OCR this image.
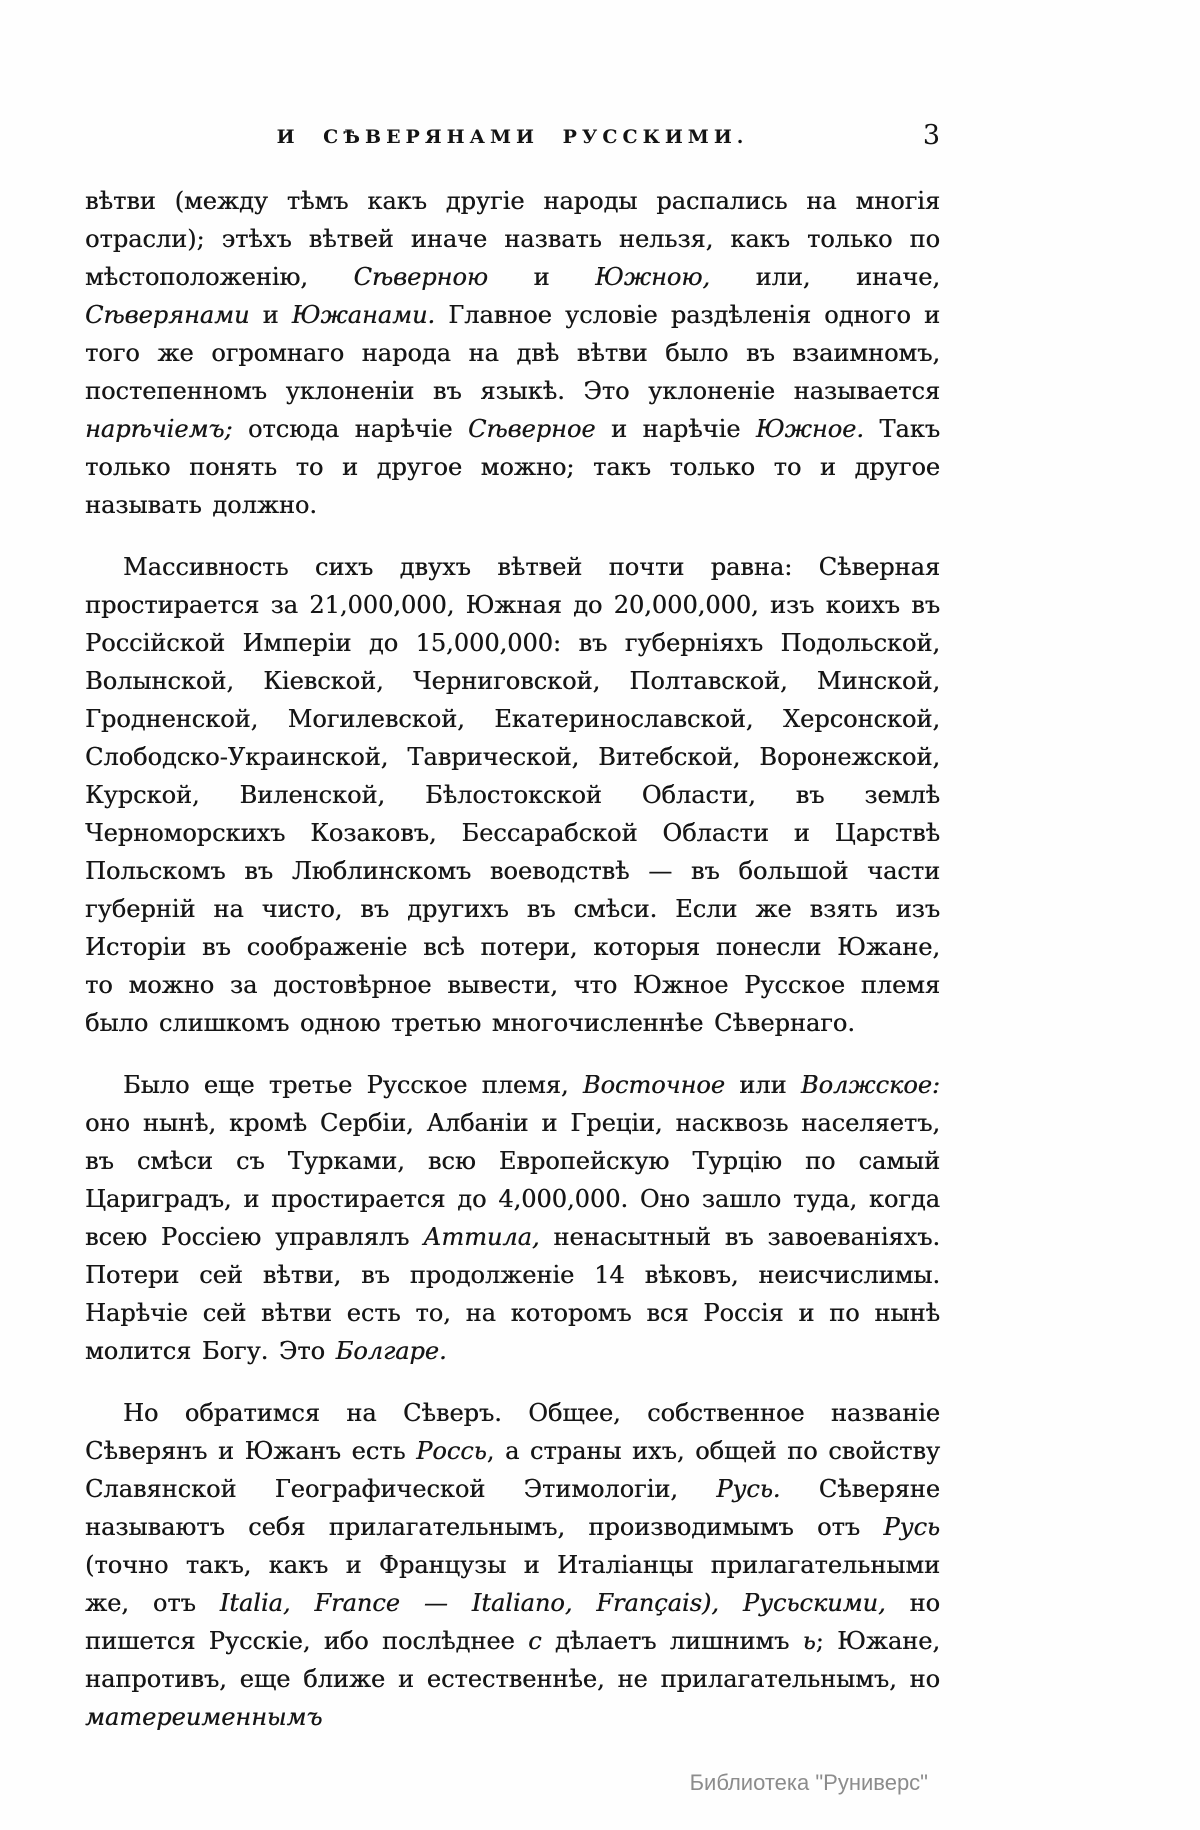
И СѢВЕРЯНАМИ РУССКИМИ.	3

вѣтви (между тѣмъ какъ другіе народы распались на многія отрасли); этѣхъ вѣтвей иначе назвать нельзя, какъ только по мѣстоположенію, Сѣверною и Южною, или, иначе, Сѣверянами и Южанами. Главное условіе раздѣленія одного и того же огромнаго народа на двѣ вѣтви было въ взаимномъ, постепенномъ уклоненіи въ языкѣ. Это уклоненіе называется нарѣчіемъ; отсюда нарѣчіе Сѣверное и нарѣчіе Южное. Такъ только понять то и другое можно; такъ только то и другое называть должно.

Массивность сихъ двухъ вѣтвей почти равна: Сѣверная простирается за 21,000,000, Южная до 20,000,000, изъ коихъ въ Россійской Имперіи до 15,000,000: въ губерніяхъ Подольской, Волынской, Кіевской, Черниговской, Полтавской, Минской, Гродненской, Могилевской, Екатеринославской, Херсонской, Слободско-Украинской, Таврической, Витебской, Воронежской, Курской, Виленской, Бѣлостокской Области, въ землѣ Черноморскихъ Козаковъ, Бессарабской Области и Царствѣ Польскомъ въ Люблинскомъ воеводствѣ — въ большой части губерній на чисто, въ другихъ въ смѣси. Если же взять изъ Исторіи въ соображеніе всѣ потери, которыя понесли Южане, то можно за достовѣрное вывести, что Южное Русское племя было слишкомъ одною третью многочисленнѣе Сѣвернаго.

Было еще третье Русское племя, Восточное или Волжское: оно нынѣ, кромѣ Сербіи, Албаніи и Греціи, насквозь населяетъ, въ смѣси съ Турками, всю Европейскую Турцію по самый Цариградъ, и простирается до 4,000,000. Оно зашло туда, когда всею Россіею управлялъ Аттила, ненасытный въ завоеваніяхъ. Потери сей вѣтви, въ продолженіе 14 вѣковъ, неисчислимы. Нарѣчіе сей вѣтви есть то, на которомъ вся Россія и по нынѣ молится Богу. Это Болгаре.

Но обратимся на Сѣверъ. Общее, собственное названіе Сѣверянъ и Южанъ есть Россь, а страны ихъ, общей по свойству Славянской Географической Этимологіи, Русь. Сѣверяне называютъ себя прилагательнымъ, производимымъ отъ Русь (точно такъ, какъ и Французы и Италіанцы прилагательными же, отъ Italia, France — Italiano, Français), Русьскими, но пишется Русскіе, ибо послѣднее с дѣлаетъ лишнимъ ь; Южане, напротивъ, еще ближе и естественнѣе, не прилагательнымъ, но матереименнымъ

Библиотека "Руниверс"
